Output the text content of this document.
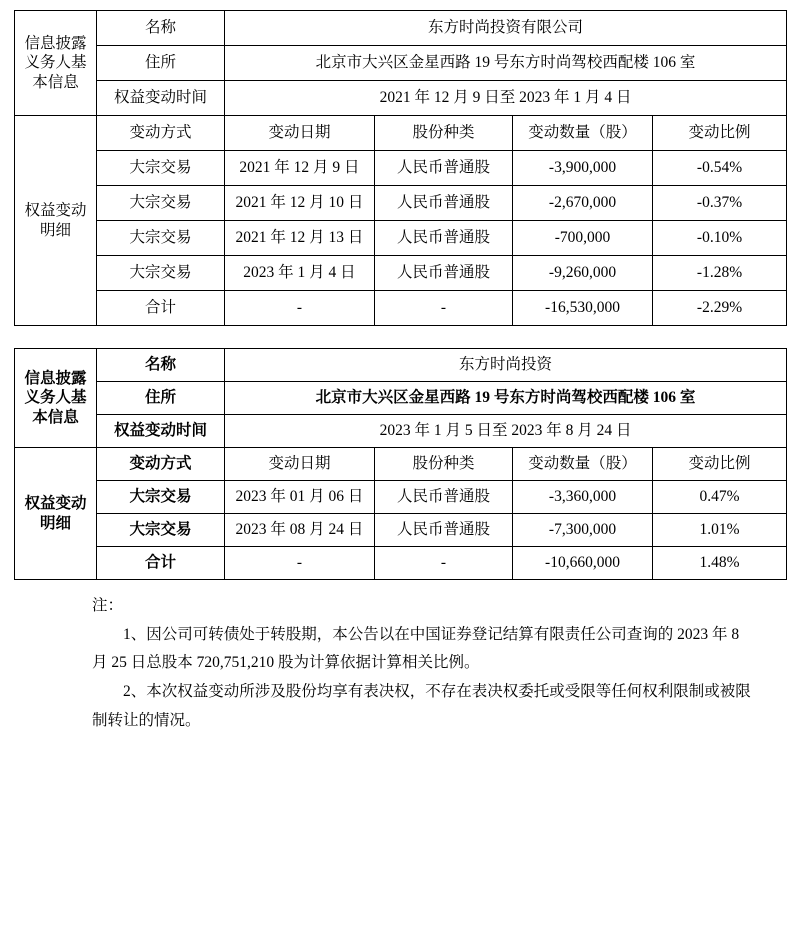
信息披露义务人基本信息	名称	东方时尚投资有限公司			
	住所	北京市大兴区金星西路 19 号东方时尚驾校西配楼 106 室			
	权益变动时间	2021 年 12 月 9 日至 2023 年 1 月 4 日			
权益变动明细	变动方式	变动日期	股份种类	变动数量（股）	变动比例
	大宗交易	2021 年 12 月 9 日	人民币普通股	-3,900,000	-0.54%
	大宗交易	2021 年 12 月 10 日	人民币普通股	-2,670,000	-0.37%
	大宗交易	2021 年 12 月 13 日	人民币普通股	-700,000	-0.10%
	大宗交易	2023 年 1 月 4 日	人民币普通股	-9,260,000	-1.28%
	合计	-	-	-16,530,000	-2.29%
信息披露义务人基本信息	名称	东方时尚投资			
	住所	北京市大兴区金星西路 19 号东方时尚驾校西配楼 106 室			
	权益变动时间	2023 年 1 月 5 日至 2023 年 8 月 24 日			
权益变动明细	变动方式	变动日期	股份种类	变动数量（股）	变动比例
	大宗交易	2023 年 01 月 06 日	人民币普通股	-3,360,000	0.47%
	大宗交易	2023 年 08 月 24 日	人民币普通股	-7,300,000	1.01%
	合计	-	-	-10,660,000	1.48%

注：

1、因公司可转债处于转股期，本公告以在中国证券登记结算有限责任公司查询的 2023 年 8 月 25 日总股本 720,751,210 股为计算依据计算相关比例。

2、本次权益变动所涉及股份均享有表决权，不存在表决权委托或受限等任何权利限制或被限制转让的情况。
